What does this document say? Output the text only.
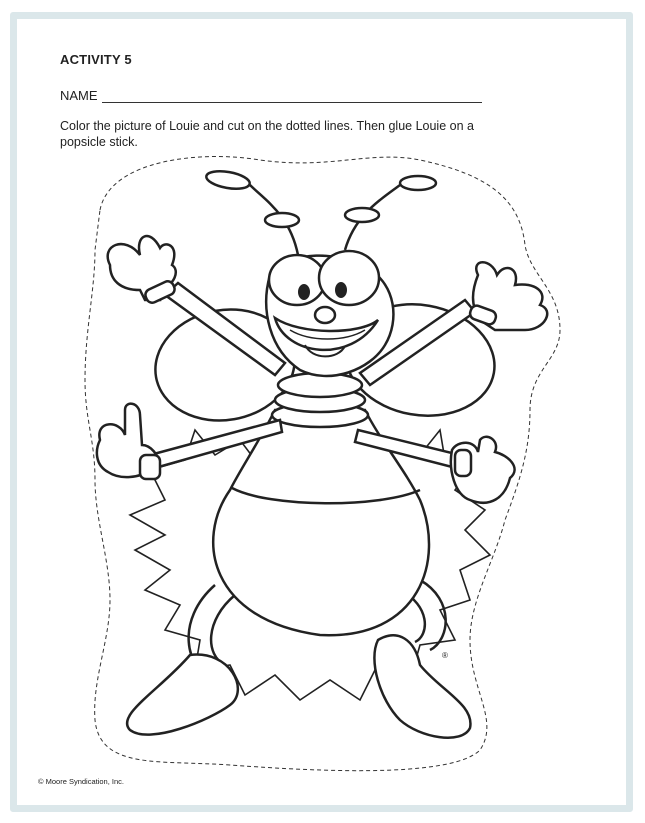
ACTIVITY 5
NAME
Color the picture of Louie and cut on the dotted lines. Then glue Louie on a popsicle stick.
®
© Moore Syndication, Inc.
